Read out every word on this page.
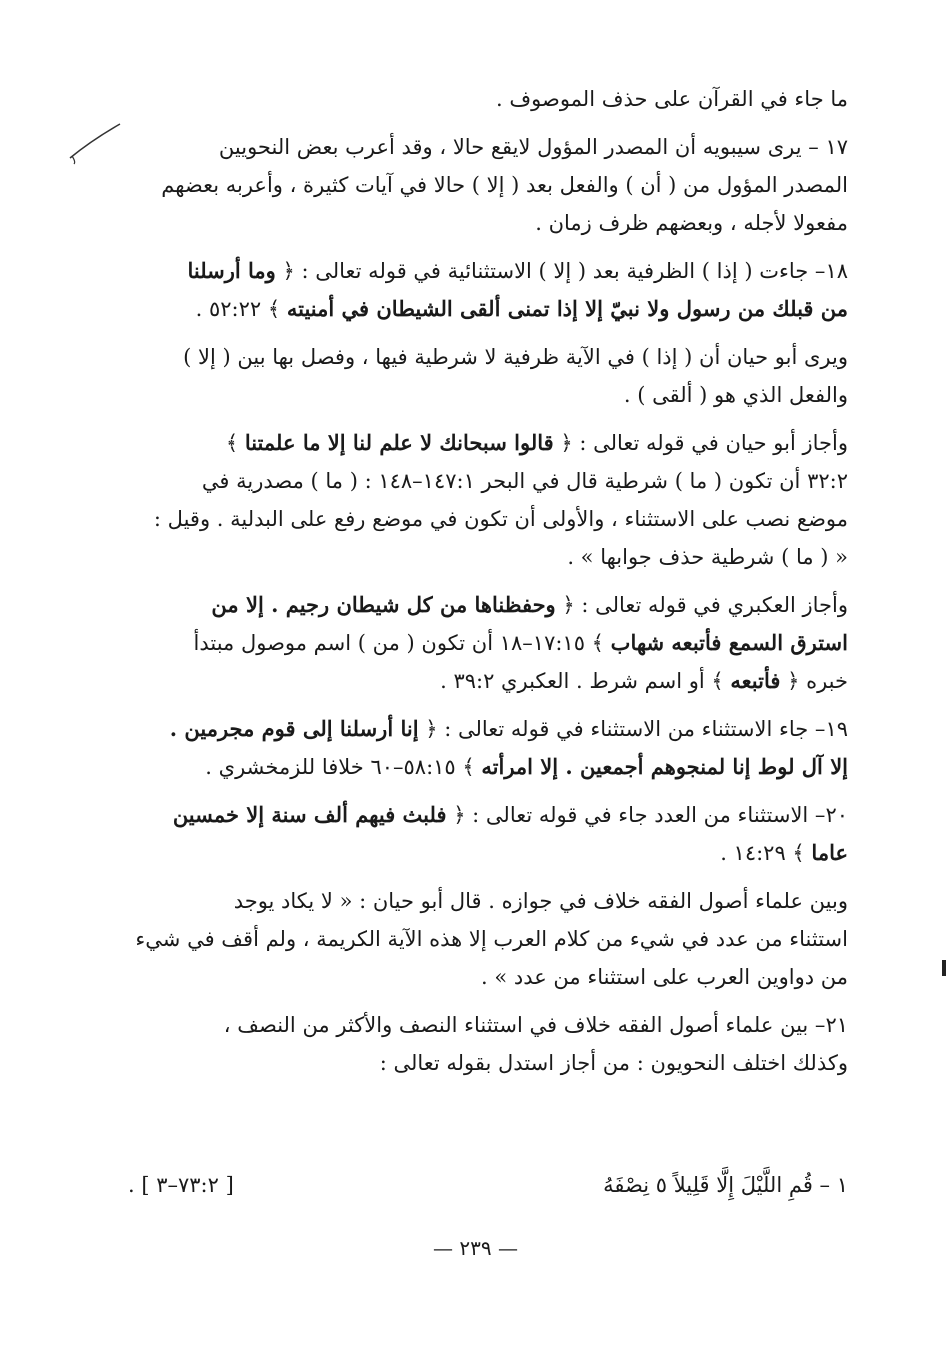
ما جاء في القرآن على حذف الموصوف .

١٧ – يرى سيبويه أن المصدر المؤول لايقع حالا ، وقد أعرب بعض النحويين

المصدر المؤول من ( أن ) والفعل بعد ( إلا ) حالا في آيات كثيرة ، وأعربه بعضهم

مفعولا لأجله ، وبعضهم ظرف زمان .

١٨– جاءت ( إذا ) الظرفية بعد ( إلا ) الاستثنائية في قوله تعالى : ﴿ وما أرسلنا

من قبلك من رسول ولا نبيّ إلا إذا تمنى ألقى الشيطان في أمنيته ﴾ ٥٢:٢٢ .

ويرى أبو حيان أن ( إذا ) في الآية ظرفية لا شرطية فيها ، وفصل بها بين ( إلا )

والفعل الذي هو ( ألقى ) .

وأجاز أبو حيان في قوله تعالى : ﴿ قالوا سبحانك لا علم لنا إلا ما علمتنا ﴾

٣٢:٢ أن تكون ( ما ) شرطية قال في البحر ١٤٧:١–١٤٨ : ( ما ) مصدرية في

موضع نصب على الاستثناء ، والأولى أن تكون في موضع رفع على البدلية . وقيل :

« ( ما ) شرطية حذف جوابها » .

وأجاز العكبري في قوله تعالى : ﴿ وحفظناها من كل شيطان رجيم . إلا من

استرق السمع فأتبعه شهاب ﴾ ١٧:١٥–١٨ أن تكون ( من ) اسم موصول مبتدأ

خبره ﴿ فأتبعه ﴾ أو اسم شرط . العكبري ٣٩:٢ .

١٩– جاء الاستثناء من الاستثناء في قوله تعالى : ﴿ إنا أرسلنا إلى قوم مجرمين .

إلا آل لوط إنا لمنجوهم أجمعين . إلا امرأته ﴾ ٥٨:١٥–٦٠ خلافا للزمخشري .

٢٠– الاستثناء من العدد جاء في قوله تعالى : ﴿ فلبث فيهم ألف سنة إلا خمسين

عاما ﴾ ١٤:٢٩ .

وبين علماء أصول الفقه خلاف في جوازه . قال أبو حيان : « لا يكاد يوجد

استثناء من عدد في شيء من كلام العرب إلا هذه الآية الكريمة ، ولم أقف في شيء

من دواوين العرب على استثناء من عدد » .

٢١– بين علماء أصول الفقه خلاف في استثناء النصف والأكثر من النصف ،

وكذلك اختلف النحويون : من أجاز استدل بقوله تعالى :

١ – قُمِ اللَّيْلَ إِلَّا قَلِيلاً ٥ نِصْفَهُ
[ ٧٣:٢–٣ ] .
— ٢٣٩ —
